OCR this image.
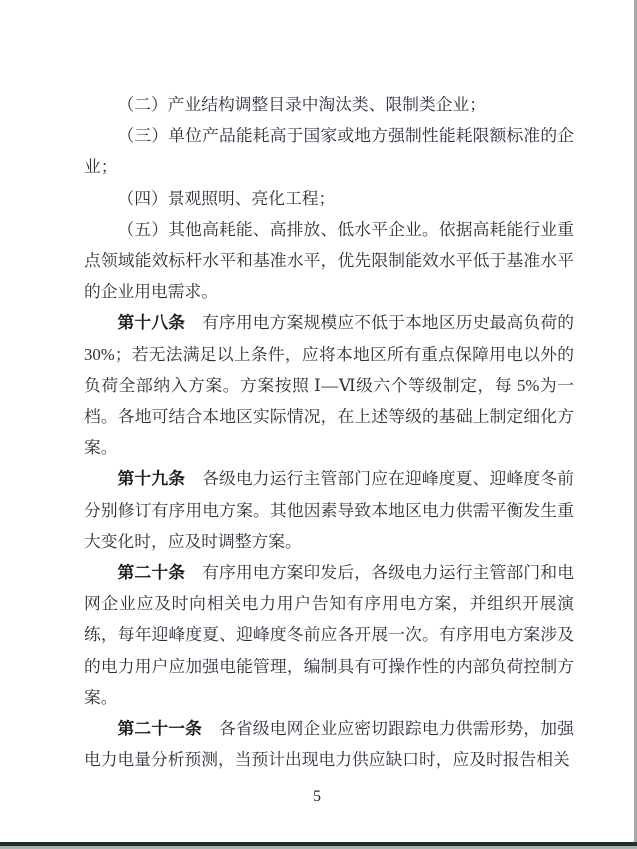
（二）产业结构调整目录中淘汰类、限制类企业；

（三）单位产品能耗高于国家或地方强制性能耗限额标准的企业；

（四）景观照明、亮化工程；

（五）其他高耗能、高排放、低水平企业。依据高耗能行业重点领域能效标杆水平和基准水平，优先限制能效水平低于基准水平的企业用电需求。

第十八条　有序用电方案规模应不低于本地区历史最高负荷的30%；若无法满足以上条件，应将本地区所有重点保障用电以外的负荷全部纳入方案。方案按照 Ⅰ—Ⅵ级六个等级制定，每 5%为一档。各地可结合本地区实际情况，在上述等级的基础上制定细化方案。

第十九条　各级电力运行主管部门应在迎峰度夏、迎峰度冬前分别修订有序用电方案。其他因素导致本地区电力供需平衡发生重大变化时，应及时调整方案。

第二十条　有序用电方案印发后，各级电力运行主管部门和电网企业应及时向相关电力用户告知有序用电方案，并组织开展演练，每年迎峰度夏、迎峰度冬前应各开展一次。有序用电方案涉及的电力用户应加强电能管理，编制具有可操作性的内部负荷控制方案。

第二十一条　各省级电网企业应密切跟踪电力供需形势，加强电力电量分析预测，当预计出现电力供应缺口时，应及时报告相关

5
